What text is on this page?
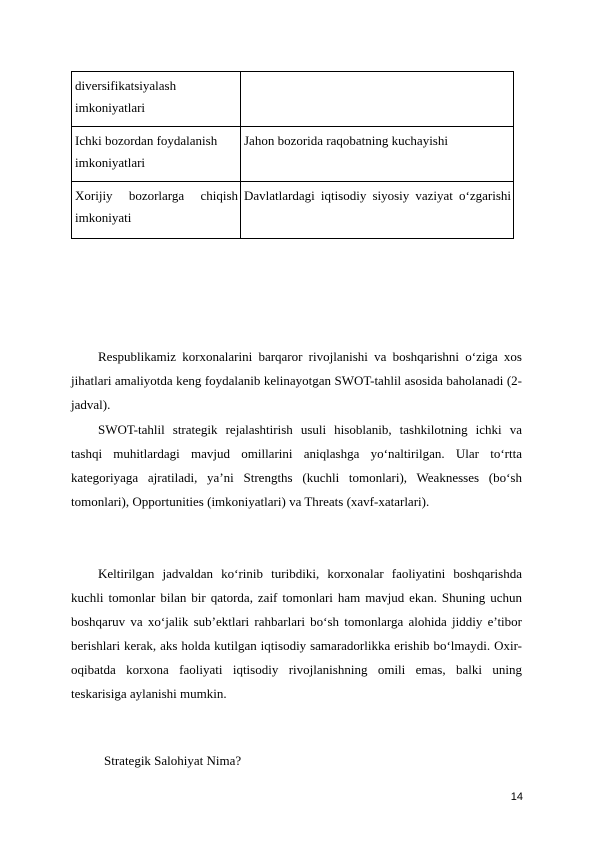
diversifikatsiyalash imkoniyatlari	
Ichki bozordan foydalanish imkoniyatlari	Jahon bozorida raqobatning kuchayishi
Xorijiy bozorlarga chiqish imkoniyati	Davlatlardagi iqtisodiy siyosiy vaziyat o‘zgarishi

Respublikamiz korxonalarini barqaror rivojlanishi va boshqarishni o‘ziga xos jihatlari amaliyotda keng foydalanib kelinayotgan SWOT-tahlil asosida baholanadi (2- jadval).

SWOT-tahlil strategik rejalashtirish usuli hisoblanib, tashkilotning ichki va tashqi muhitlardagi mavjud omillarini aniqlashga yo‘naltirilgan. Ular to‘rtta kategoriyaga ajratiladi, ya’ni Strengths (kuchli tomonlari), Weaknesses (bo‘sh tomonlari), Opportunities (imkoniyatlari) va Threats (xavf-xatarlari).

Keltirilgan jadvaldan ko‘rinib turibdiki, korxonalar faoliyatini boshqarishda kuchli tomonlar bilan bir qatorda, zaif tomonlari ham mavjud ekan. Shuning uchun boshqaruv va xo‘jalik sub’ektlari rahbarlari bo‘sh tomonlarga alohida jiddiy e’tibor berishlari kerak, aks holda kutilgan iqtisodiy samaradorlikka erishib bo‘lmaydi. Oxir- oqibatda korxona faoliyati iqtisodiy rivojlanishning omili emas, balki uning teskarisiga aylanishi mumkin.

Strategik Salohiyat Nima?
14
